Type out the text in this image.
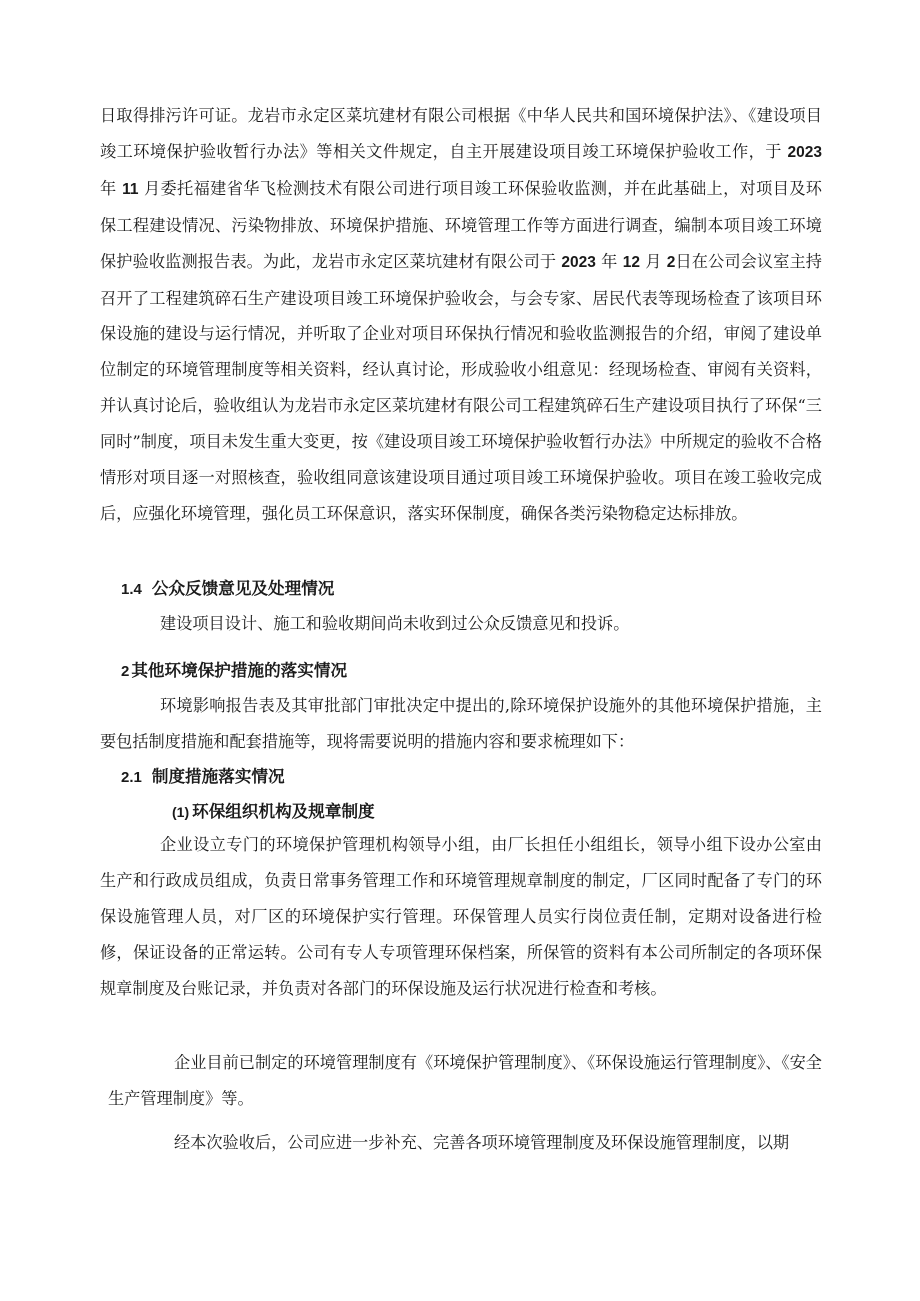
日取得排污许可证。龙岩市永定区菜坑建材有限公司根据《中华人民共和国环境保护法》、《建设项目竣工环境保护验收暂行办法》等相关文件规定，自主开展建设项目竣工环境保护验收工作，于 2023 年 11 月委托福建省华飞检测技术有限公司进行项目竣工环保验收监测，并在此基础上，对项目及环保工程建设情况、污染物排放、环境保护措施、环境管理工作等方面进行调查，编制本项目竣工环境保护验收监测报告表。为此，龙岩市永定区菜坑建材有限公司于 2023 年 12 月 2日在公司会议室主持召开了工程建筑碎石生产建设项目竣工环境保护验收会，与会专家、居民代表等现场检查了该项目环保设施的建设与运行情况，并听取了企业对项目环保执行情况和验收监测报告的介绍，审阅了建设单位制定的环境管理制度等相关资料，经认真讨论，形成验收小组意见：经现场检查、审阅有关资料，并认真讨论后，验收组认为龙岩市永定区菜坑建材有限公司工程建筑碎石生产建设项目执行了环保“三同时”制度，项目未发生重大变更，按《建设项目竣工环境保护验收暂行办法》中所规定的验收不合格情形对项目逐一对照核查，验收组同意该建设项目通过项目竣工环境保护验收。项目在竣工验收完成后，应强化环境管理，强化员工环保意识，落实环保制度，确保各类污染物稳定达标排放。

1.4 公众反馈意见及处理情况

建设项目设计、施工和验收期间尚未收到过公众反馈意见和投诉。

2 其他环境保护措施的落实情况

环境影响报告表及其审批部门审批决定中提出的,除环境保护设施外的其他环境保护措施，主要包括制度措施和配套措施等，现将需要说明的措施内容和要求梳理如下：

2.1 制度措施落实情况
(1) 环保组织机构及规章制度

企业设立专门的环境保护管理机构领导小组，由厂长担任小组组长，领导小组下设办公室由生产和行政成员组成，负责日常事务管理工作和环境管理规章制度的制定，厂区同时配备了专门的环保设施管理人员，对厂区的环境保护实行管理。环保管理人员实行岗位责任制，定期对设备进行检修，保证设备的正常运转。公司有专人专项管理环保档案，所保管的资料有本公司所制定的各项环保规章制度及台账记录，并负责对各部门的环保设施及运行状况进行检查和考核。

企业目前已制定的环境管理制度有《环境保护管理制度》、《环保设施运行管理制度》、《安全生产管理制度》等。

经本次验收后，公司应进一步补充、完善各项环境管理制度及环保设施管理制度，以期
